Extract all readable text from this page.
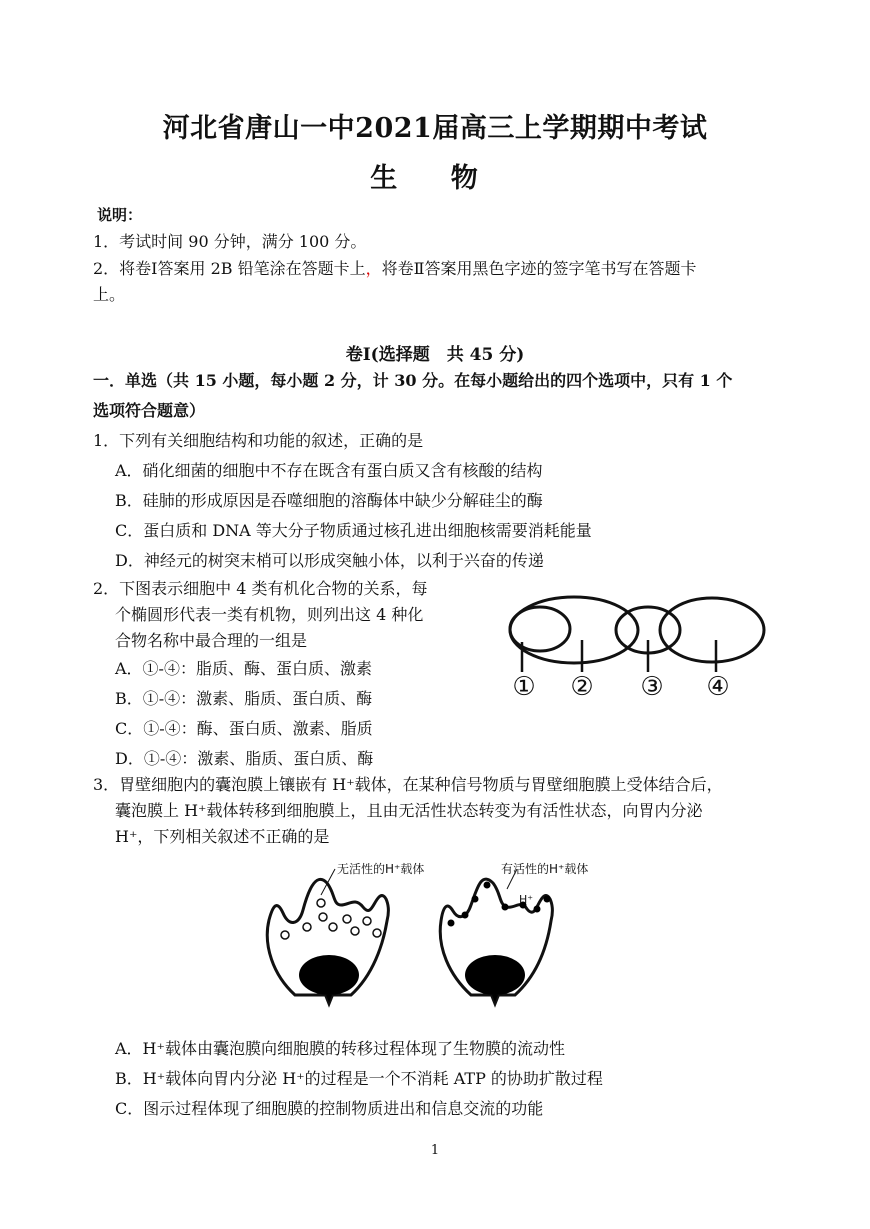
河北省唐山一中2021届高三上学期期中考试
生 物
说明：
1．考试时间 90 分钟，满分 100 分。
2．将卷Ⅰ答案用 2B 铅笔涂在答题卡上，将卷Ⅱ答案用黑色字迹的签字笔书写在答题卡
上。
卷Ⅰ(选择题　共 45 分)
一．单选（共 15 小题，每小题 2 分，计 30 分。在每小题给出的四个选项中，只有 1 个
选项符合题意）
1．下列有关细胞结构和功能的叙述，正确的是
A．硝化细菌的细胞中不存在既含有蛋白质又含有核酸的结构
B．硅肺的形成原因是吞噬细胞的溶酶体中缺少分解硅尘的酶
C．蛋白质和 DNA 等大分子物质通过核孔进出细胞核需要消耗能量
D．神经元的树突末梢可以形成突触小体，以利于兴奋的传递
2．下图表示细胞中 4 类有机化合物的关系，每
个椭圆形代表一类有机物，则列出这 4 种化
合物名称中最合理的一组是
A．①-④：脂质、酶、蛋白质、激素
B．①-④：激素、脂质、蛋白质、酶
C．①-④：酶、蛋白质、激素、脂质
D．①-④：激素、脂质、蛋白质、酶
① ② ③ ④
3．胃壁细胞内的囊泡膜上镶嵌有 H⁺载体，在某种信号物质与胃壁细胞膜上受体结合后，
囊泡膜上 H⁺载体转移到细胞膜上，且由无活性状态转变为有活性状态，向胃内分泌
H⁺，下列相关叙述不正确的是
无活性的H⁺载体	有活性的H⁺载体
H⁺
A．H⁺载体由囊泡膜向细胞膜的转移过程体现了生物膜的流动性
B．H⁺载体向胃内分泌 H⁺的过程是一个不消耗 ATP 的协助扩散过程
C．图示过程体现了细胞膜的控制物质进出和信息交流的功能
1
